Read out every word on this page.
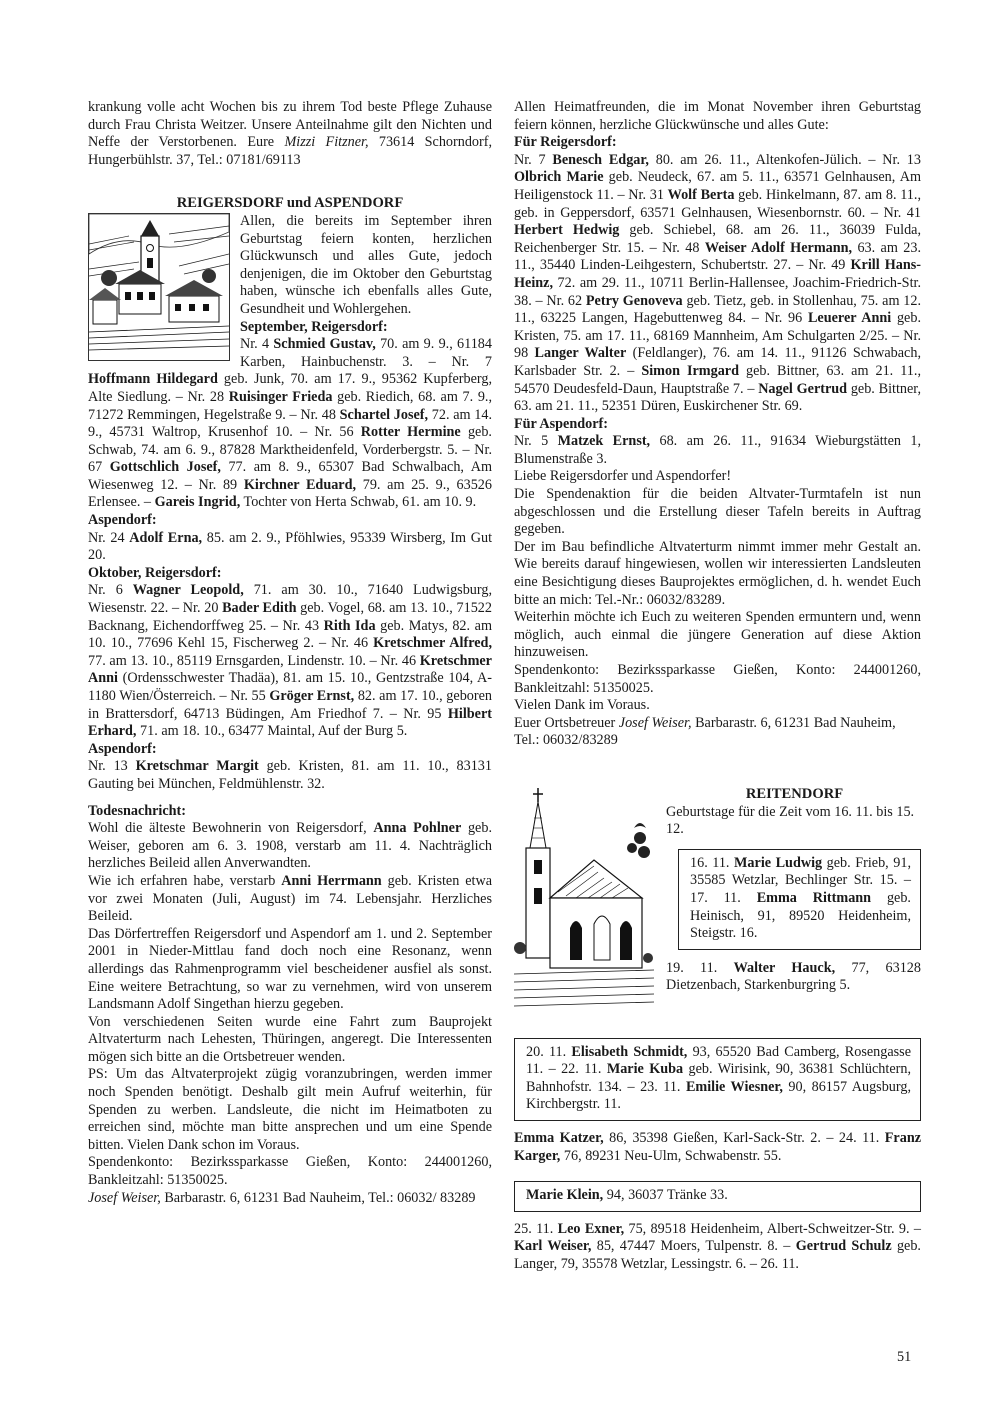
krankung volle acht Wochen bis zu ihrem Tod beste Pflege Zuhause durch Frau Christa Weitzer. Unsere Anteilnahme gilt den Nichten und Neffe der Verstorbenen. Eure Mizzi Fitzner, 73614 Schorndorf, Hungerbühlstr. 37, Tel.: 07181/69113

REIGERSDORF und ASPENDORF

Allen, die bereits im September ihren Geburtstag feiern konten, herzlichen Glückwunsch und alles Gute, jedoch denjenigen, die im Oktober den Geburtstag haben, wünsche ich ebenfalls alles Gute, Gesundheit und Wohlergehen.

September, Reigersdorf:

Nr. 4 Schmied Gustav, 70. am 9. 9., 61184 Karben, Hainbuchenstr. 3. – Nr. 7 Hoffmann Hildegard geb. Junk, 70. am 17. 9., 95362 Kupferberg, Alte Siedlung. – Nr. 28 Ruisinger Frieda geb. Riedich, 68. am 7. 9., 71272 Remmingen, Hegelstraße 9. – Nr. 48 Schartel Josef, 72. am 14. 9., 45731 Waltrop, Krusenhof 10. – Nr. 56 Rotter Hermine geb. Schwab, 74. am 6. 9., 87828 Marktheidenfeld, Vorderbergstr. 5. – Nr. 67 Gottschlich Josef, 77. am 8. 9., 65307 Bad Schwalbach, Am Wiesenweg 12. – Nr. 89 Kirchner Eduard, 79. am 25. 9., 63526 Erlensee. – Gareis Ingrid, Tochter von Herta Schwab, 61. am 10. 9.

Aspendorf:

Nr. 24 Adolf Erna, 85. am 2. 9., Pföhlwies, 95339 Wirsberg, Im Gut 20.

Oktober, Reigersdorf:

Nr. 6 Wagner Leopold, 71. am 30. 10., 71640 Ludwigsburg, Wiesenstr. 22. – Nr. 20 Bader Edith geb. Vogel, 68. am 13. 10., 71522 Backnang, Eichendorffweg 25. – Nr. 43 Rith Ida geb. Matys, 82. am 10. 10., 77696 Kehl 15, Fischerweg 2. – Nr. 46 Kretschmer Alfred, 77. am 13. 10., 85119 Ernsgarden, Lindenstr. 10. – Nr. 46 Kretschmer Anni (Ordensschwester Thadäa), 81. am 15. 10., Gentzstraße 104, A-1180 Wien/Österreich. – Nr. 55 Gröger Ernst, 82. am 17. 10., geboren in Brattersdorf, 64713 Büdingen, Am Friedhof 7. – Nr. 95 Hilbert Erhard, 71. am 18. 10., 63477 Maintal, Auf der Burg 5.

Aspendorf:

Nr. 13 Kretschmar Margit geb. Kristen, 81. am 11. 10., 83131 Gauting bei München, Feldmühlenstr. 32.

Todesnachricht:

Wohl die älteste Bewohnerin von Reigersdorf, Anna Pohlner geb. Weiser, geboren am 6. 3. 1908, verstarb am 11. 4. Nachträglich herzliches Beileid allen Anverwandten.

Wie ich erfahren habe, verstarb Anni Herrmann geb. Kristen etwa vor zwei Monaten (Juli, August) im 74. Lebensjahr. Herzliches Beileid.

Das Dörfertreffen Reigersdorf und Aspendorf am 1. und 2. September 2001 in Nieder-Mittlau fand doch noch eine Resonanz, wenn allerdings das Rahmenprogramm viel bescheidener ausfiel als sonst. Eine weitere Betrachtung, so war zu vernehmen, wird von unserem Landsmann Adolf Singethan hierzu gegeben.

Von verschiedenen Seiten wurde eine Fahrt zum Bauprojekt Altvaterturm nach Lehesten, Thüringen, angeregt. Die Interessenten mögen sich bitte an die Ortsbetreuer wenden.

PS: Um das Altvaterprojekt zügig voranzubringen, werden immer noch Spenden benötigt. Deshalb gilt mein Aufruf weiterhin, für Spenden zu werben. Landsleute, die nicht im Heimatboten zu erreichen sind, möchte man bitte ansprechen und um eine Spende bitten. Vielen Dank schon im Voraus.

Spendenkonto: Bezirkssparkasse Gießen, Konto: 244001260, Bankleitzahl: 51350025.

Josef Weiser, Barbarastr. 6, 61231 Bad Nauheim, Tel.: 06032/ 83289

Allen Heimatfreunden, die im Monat November ihren Geburtstag feiern können, herzliche Glückwünsche und alles Gute:

Für Reigersdorf:

Nr. 7 Benesch Edgar, 80. am 26. 11., Altenkofen-Jülich. – Nr. 13 Olbrich Marie geb. Neudeck, 67. am 5. 11., 63571 Gelnhausen, Am Heiligenstock 11. – Nr. 31 Wolf Berta geb. Hinkelmann, 87. am 8. 11., geb. in Geppersdorf, 63571 Gelnhausen, Wiesenbornstr. 60. – Nr. 41 Herbert Hedwig geb. Schiebel, 68. am 26. 11., 36039 Fulda, Reichenberger Str. 15. – Nr. 48 Weiser Adolf Hermann, 63. am 23. 11., 35440 Linden-Leihgestern, Schubertstr. 27. – Nr. 49 Krill Hans-Heinz, 72. am 29. 11., 10711 Berlin-Hallensee, Joachim-Friedrich-Str. 38. – Nr. 62 Petry Genoveva geb. Tietz, geb. in Stollenhau, 75. am 12. 11., 63225 Langen, Hagebuttenweg 84. – Nr. 96 Leuerer Anni geb. Kristen, 75. am 17. 11., 68169 Mannheim, Am Schulgarten 2/25. – Nr. 98 Langer Walter (Feldlanger), 76. am 14. 11., 91126 Schwabach, Karlsbader Str. 2. – Simon Irmgard geb. Bittner, 63. am 21. 11., 54570 Deudesfeld-Daun, Hauptstraße 7. – Nagel Gertrud geb. Bittner, 63. am 21. 11., 52351 Düren, Euskirchener Str. 69.

Für Aspendorf:

Nr. 5 Matzek Ernst, 68. am 26. 11., 91634 Wieburgstätten 1, Blumenstraße 3.

Liebe Reigersdorfer und Aspendorfer!

Die Spendenaktion für die beiden Altvater-Turmtafeln ist nun abgeschlossen und die Erstellung dieser Tafeln bereits in Auftrag gegeben.

Der im Bau befindliche Altvaterturm nimmt immer mehr Gestalt an. Wie bereits darauf hingewiesen, wollen wir interessierten Landsleuten eine Besichtigung dieses Bauprojektes ermöglichen, d. h. wendet Euch bitte an mich: Tel.-Nr.: 06032/83289.

Weiterhin möchte ich Euch zu weiteren Spenden ermuntern und, wenn möglich, auch einmal die jüngere Generation auf diese Aktion hinzuweisen.

Spendenkonto: Bezirkssparkasse Gießen, Konto: 244001260, Bankleitzahl: 51350025.

Vielen Dank im Voraus.

Euer Ortsbetreuer Josef Weiser, Barbarastr. 6, 61231 Bad Nauheim, Tel.: 06032/83289

REITENDORF

Geburtstage für die Zeit vom 16. 11. bis 15. 12.

16. 11. Marie Ludwig geb. Frieb, 91, 35585 Wetzlar, Bechlinger Str. 15. – 17. 11. Emma Rittmann geb. Heinisch, 91, 89520 Heidenheim, Steigstr. 16.

19. 11. Walter Hauck, 77, 63128 Dietzenbach, Starkenburgring 5.

20. 11. Elisabeth Schmidt, 93, 65520 Bad Camberg, Rosengasse 11. – 22. 11. Marie Kuba geb. Wirisink, 90, 36381 Schlüchtern, Bahnhofstr. 134. – 23. 11. Emilie Wiesner, 90, 86157 Augsburg, Kirchbergstr. 11.

Emma Katzer, 86, 35398 Gießen, Karl-Sack-Str. 2. – 24. 11. Franz Karger, 76, 89231 Neu-Ulm, Schwabenstr. 55.

Marie Klein, 94, 36037 Tränke 33.

25. 11. Leo Exner, 75, 89518 Heidenheim, Albert-Schweitzer-Str. 9. – Karl Weiser, 85, 47447 Moers, Tulpenstr. 8. – Gertrud Schulz geb. Langer, 79, 35578 Wetzlar, Lessingstr. 6. – 26. 11.

51
